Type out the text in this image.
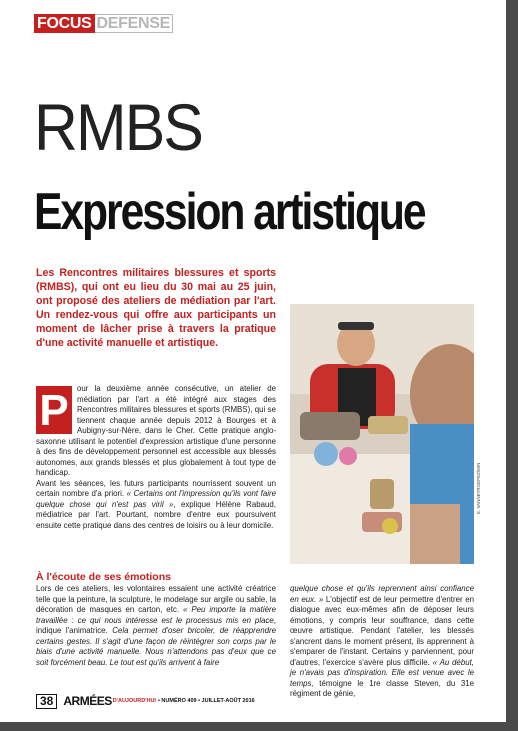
FOCUS DEFENSE
RMBS
Expression artistique
Les Rencontres militaires blessures et sports (RMBS), qui ont eu lieu du 30 mai au 25 juin, ont proposé des ateliers de médiation par l'art. Un rendez-vous qui offre aux participants un moment de lâcher prise à travers la pratique d'une activité manuelle et artistique.
E. VANNETROEPEZ/MIN
P	our la deuxième année consécutive, un atelier de médiation par l'art a été intégré aux stages des Rencontres militaires blessures et sports (RMBS), qui se tiennent chaque année depuis 2012 à Bourges et à Aubigny-sur-Nère, dans le Cher. Cette pratique anglo-saxonne utilisant le potentiel d'expression artistique d'une personne à des fins de développement personnel est accessible aux blessés autonomes, aux grands blessés et plus globalement à tout type de handicap.

Avant les séances, les futurs participants nourrissent souvent un certain nombre d'a priori. « Certains ont l'impression qu'ils vont faire quelque chose qui n'est pas viril », explique Hélène Rabaud, médiatrice par l'art. Pourtant, nombre d'entre eux poursuivent ensuite cette pratique dans des centres de loisirs ou à leur domicile.

À l'écoute de ses émotions

Lors de ces ateliers, les volontaires essaient une activité créatrice telle que la peinture, la sculpture, le modelage sur argile ou sable, la décoration de masques en carton, etc. « Peu importe la matière travaillée : ce qui nous intéresse est le processus mis en place, indique l'animatrice. Cela permet d'oser bricoler, de réapprendre certains gestes. Il s'agit d'une façon de réintégrer son corps par le biais d'une activité manuelle. Nous n'attendons pas d'eux que ce soit forcément beau. Le tout est qu'ils arrivent à faire

quelque chose et qu'ils reprennent ainsi confiance en eux. » L'objectif est de leur permettre d'entrer en dialogue avec eux-mêmes afin de déposer leurs émotions, y compris leur souffrance, dans cette œuvre artistique. Pendant l'atelier, les blessés s'ancrent dans le moment présent, ils apprennent à s'emparer de l'instant. Certains y parviennent, pour d'autres, l'exercice s'avère plus difficile. « Au début, je n'avais pas d'inspiration. Elle est venue avec le temps, témoigne le 1re classe Steven, du 31e régiment de génie,

38 ARMÉES D'AUJOURD'HUI • NUMÉRO 409 • JUILLET-AOÛT 2016
